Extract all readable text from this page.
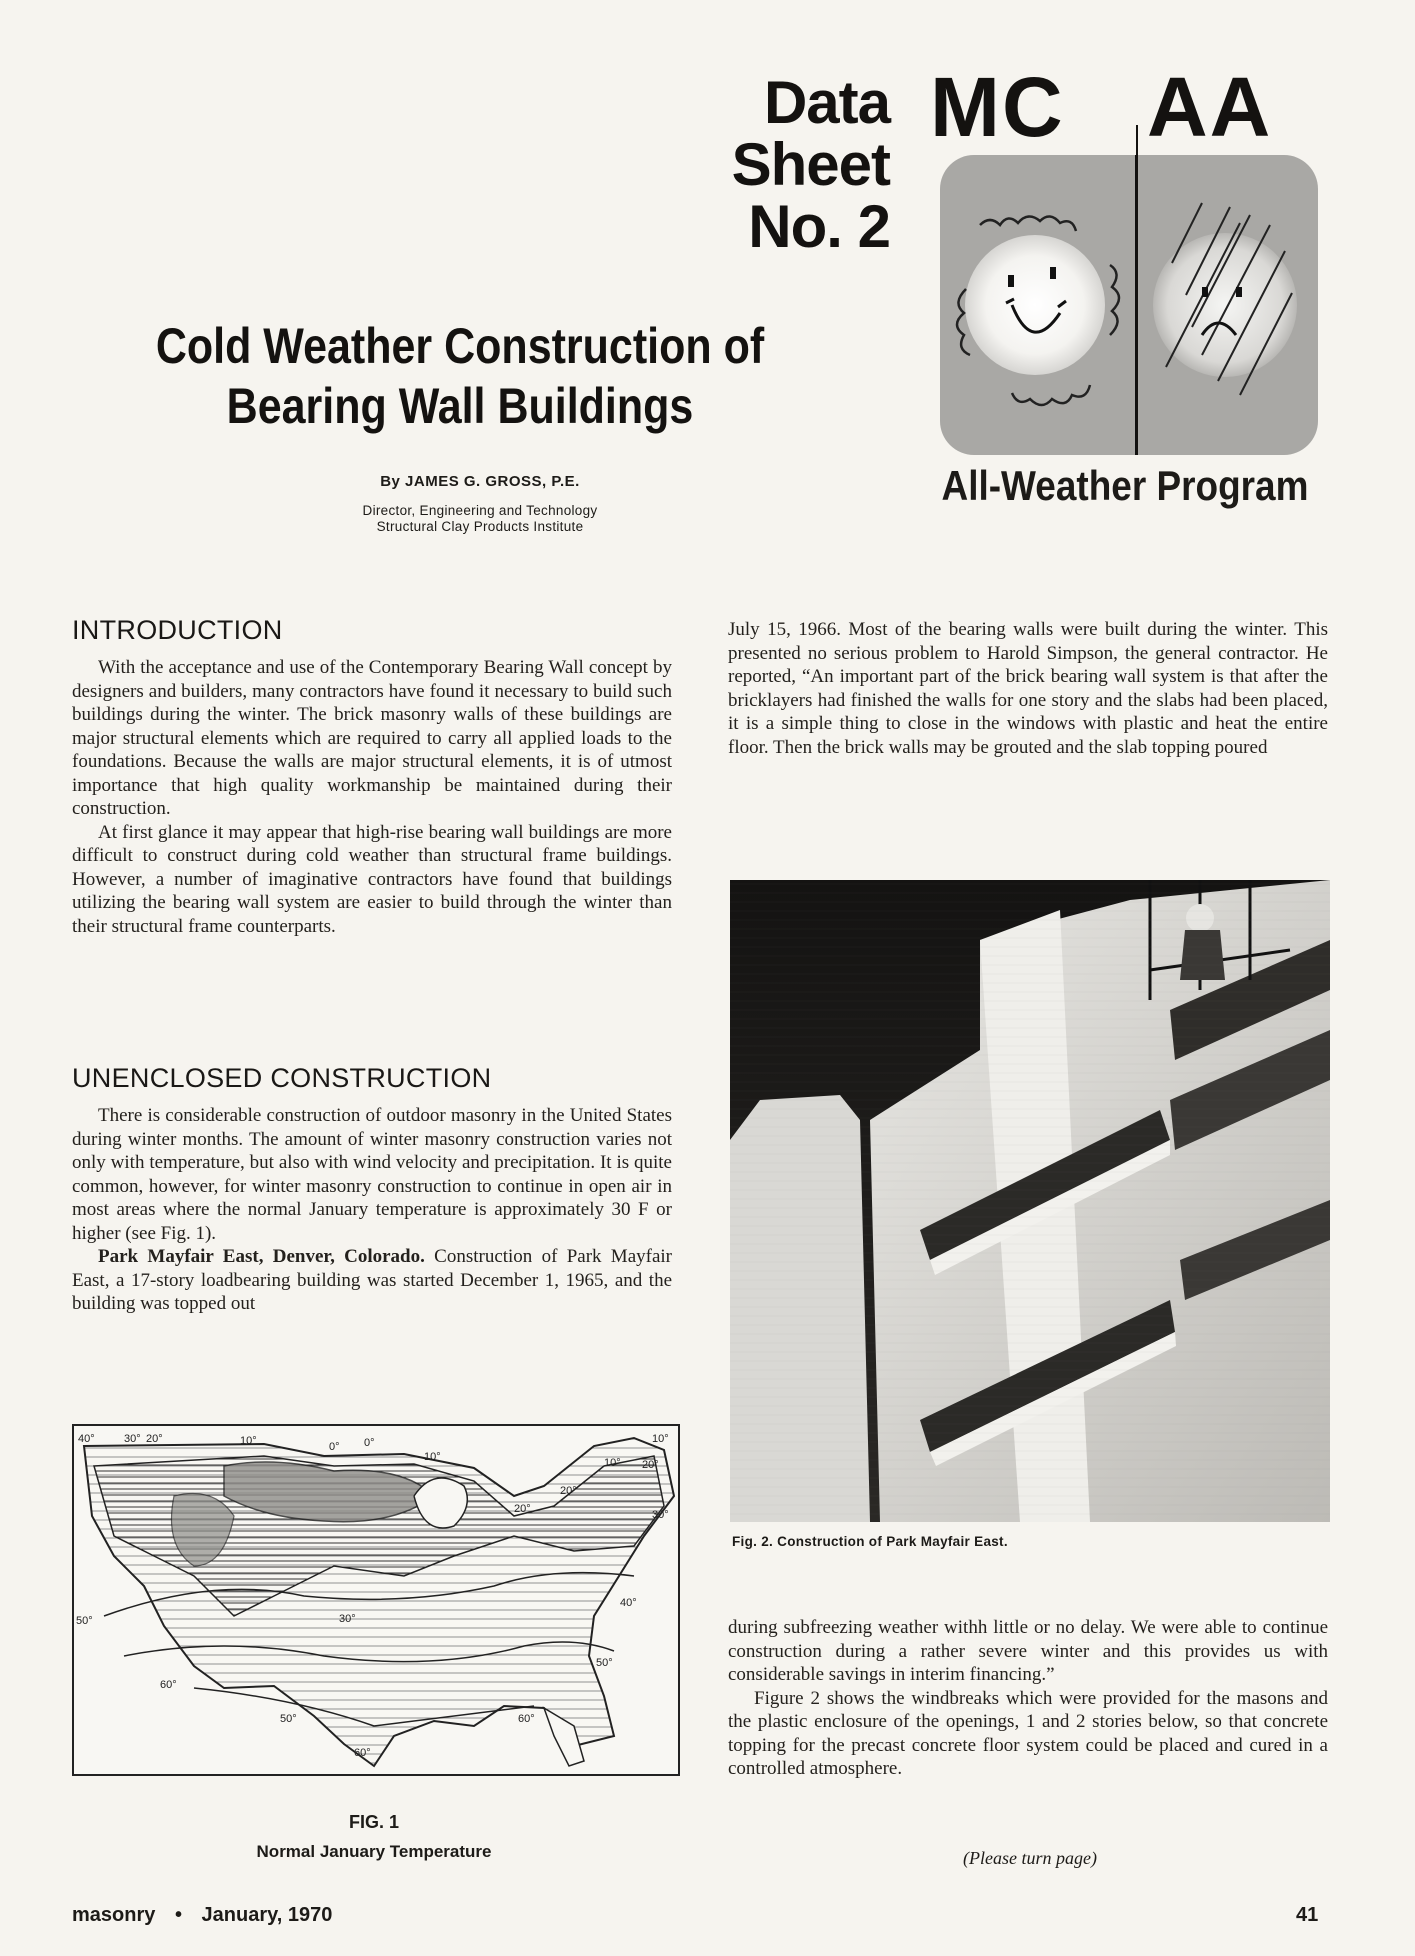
Data
Sheet
No. 2
MC AA
All-Weather Program
Cold Weather Construction of
Bearing Wall Buildings
By JAMES G. GROSS, P.E.
Director, Engineering and Technology
Structural Clay Products Institute
INTRODUCTION

With the acceptance and use of the Contemporary Bearing Wall concept by designers and builders, many contractors have found it necessary to build such buildings during the winter. The brick masonry walls of these buildings are major structural elements which are required to carry all applied loads to the foundations. Because the walls are major structural elements, it is of utmost importance that high quality workmanship be maintained during their construction.

At first glance it may appear that high-rise bearing wall buildings are more difficult to construct during cold weather than structural frame buildings. However, a number of imaginative contractors have found that buildings utilizing the bearing wall system are easier to build through the winter than their structural frame counterparts.

UNENCLOSED CONSTRUCTION

There is considerable construction of outdoor masonry in the United States during winter months. The amount of winter masonry construction varies not only with temperature, but also with wind velocity and precipitation. It is quite common, however, for winter masonry construction to continue in open air in most areas where the normal January temperature is approximately 30 F or higher (see Fig. 1).

Park Mayfair East, Denver, Colorado. Construction of Park Mayfair East, a 17-story loadbearing building was started December 1, 1965, and the building was topped out

40°	30° 20°	10°	0° 0°
10°	10°
20°
20°
20°
30°
10°
30°
40°
50°
50°
60°
50°	60°
60°
FIG. 1
Normal January Temperature

July 15, 1966. Most of the bearing walls were built during the winter. This presented no serious problem to Harold Simpson, the general contractor. He reported, “An important part of the brick bearing wall system is that after the bricklayers had finished the walls for one story and the slabs had been placed, it is a simple thing to close in the windows with plastic and heat the entire floor. Then the brick walls may be grouted and the slab topping poured

Fig. 2. Construction of Park Mayfair East.

during subfreezing weather withh little or no delay. We were able to continue construction during a rather severe winter and this provides us with considerable savings in interim financing.”

Figure 2 shows the windbreaks which were provided for the masons and the plastic enclosure of the openings, 1 and 2 stories below, so that concrete topping for the precast concrete floor system could be placed and cured in a controlled atmosphere.

(Please turn page)
masonry • January, 1970	41
